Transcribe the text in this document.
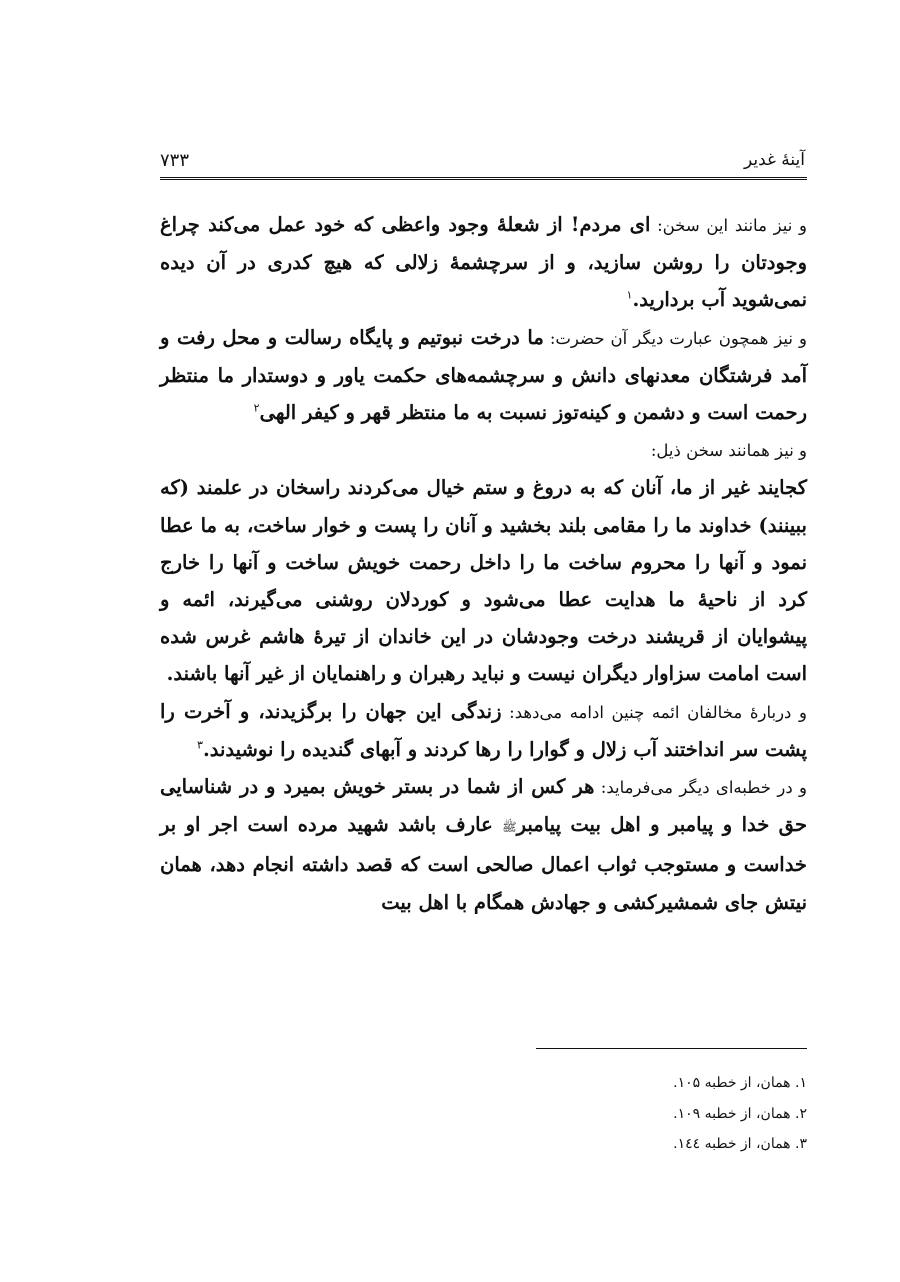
آینهٔ غدیر
۷۳۳

و نیز مانند این سخن: ای مردم! از شعلهٔ وجود واعظی که خود عمل می‌کند چراغ وجودتان را روشن سازید، و از سرچشمهٔ زلالی که هیچ کدری در آن دیده نمی‌شوید آب بردارید.$^۱$

و نیز همچون عبارت دیگر آن حضرت: ما درخت نبوتیم و پایگاه رسالت و محل رفت و آمد فرشتگان معدنهای دانش و سرچشمه‌های حکمت یاور و دوستدار ما منتظر رحمت است و دشمن و کینه‌توز نسبت به ما منتظر قهر و کیفر الهی$^۲$

و نیز همانند سخن ذیل:

کجایند غیر از ما، آنان که به دروغ و ستم خیال می‌کردند راسخان در علمند (که ببینند) خداوند ما را مقامی بلند بخشید و آنان را پست و خوار ساخت، به ما عطا نمود و آنها را محروم ساخت ما را داخل رحمت خویش ساخت و آنها را خارج کرد از ناحیهٔ ما هدایت عطا می‌شود و کوردلان روشنی می‌گیرند، ائمه و پیشوایان از قریشند درخت وجودشان در این خاندان از تیرهٔ هاشم غرس شده است امامت سزاوار دیگران نیست و نباید رهبران و راهنمایان از غیر آنها باشند.

و دربارهٔ مخالفان ائمه چنین ادامه می‌دهد: زندگی این جهان را برگزیدند، و آخرت را پشت سر انداختند آب زلال و گوارا را رها کردند و آبهای گندیده را نوشیدند.$^۳$

و در خطبه‌ای دیگر می‌فرماید: هر کس از شما در بستر خویش بمیرد و در شناسایی حق خدا و پیامبر و اهل بیت پیامبرﷺ عارف باشد شهید مرده است اجر او بر خداست و مستوجب ثواب اعمال صالحی است که قصد داشته انجام دهد، همان نیتش جای شمشیرکشی و جهادش همگام با اهل بیت

۱. همان، از خطبه ۱۰۵.
۲. همان، از خطبه ۱۰۹.
۳. همان، از خطبه ۱٤٤.
